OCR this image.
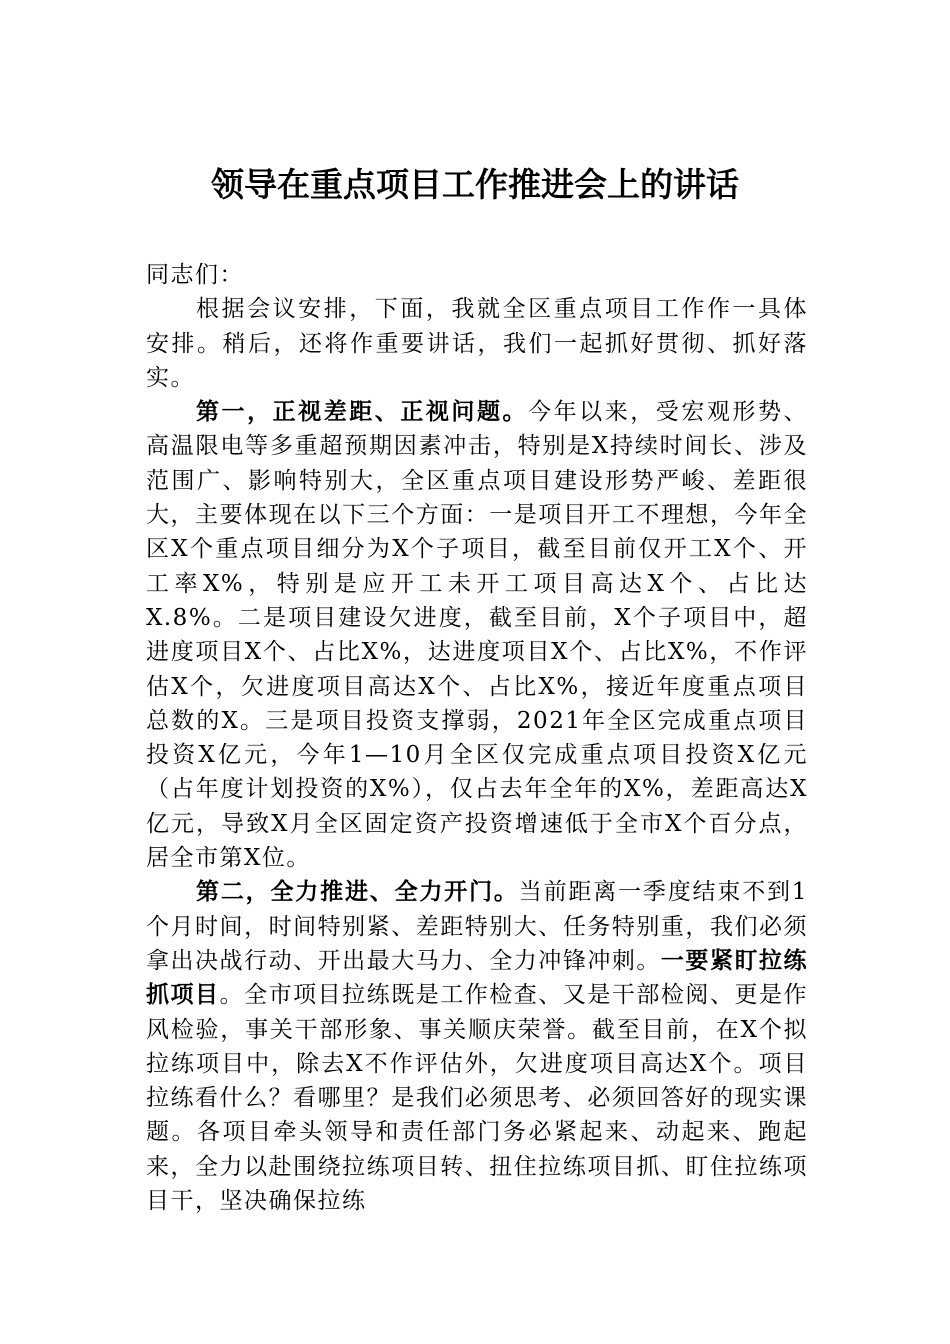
领导在重点项目工作推进会上的讲话

同志们：

根据会议安排，下面，我就全区重点项目工作作一具体安排。稍后，还将作重要讲话，我们一起抓好贯彻、抓好落实。

第一，正视差距、正视问题。今年以来，受宏观形势、高温限电等多重超预期因素冲击，特别是X持续时间长、涉及范围广、影响特别大，全区重点项目建设形势严峻、差距很大，主要体现在以下三个方面：一是项目开工不理想，今年全区X个重点项目细分为X个子项目，截至目前仅开工X个、开工率X%，特别是应开工未开工项目高达X个、占比达X.8%。二是项目建设欠进度，截至目前，X个子项目中，超进度项目X个、占比X%，达进度项目X个、占比X%，不作评估X个，欠进度项目高达X个、占比X%，接近年度重点项目总数的X。三是项目投资支撑弱，2021年全区完成重点项目投资X亿元，今年1—10月全区仅完成重点项目投资X亿元（占年度计划投资的X%），仅占去年全年的X%，差距高达X亿元，导致X月全区固定资产投资增速低于全市X个百分点，居全市第X位。

第二，全力推进、全力开门。当前距离一季度结束不到1个月时间，时间特别紧、差距特别大、任务特别重，我们必须拿出决战行动、开出最大马力、全力冲锋冲刺。一要紧盯拉练抓项目。全市项目拉练既是工作检查、又是干部检阅、更是作风检验，事关干部形象、事关顺庆荣誉。截至目前，在X个拟拉练项目中，除去X不作评估外，欠进度项目高达X个。项目拉练看什么？看哪里？是我们必须思考、必须回答好的现实课题。各项目牵头领导和责任部门务必紧起来、动起来、跑起来，全力以赴围绕拉练项目转、扭住拉练项目抓、盯住拉练项目干，坚决确保拉练
